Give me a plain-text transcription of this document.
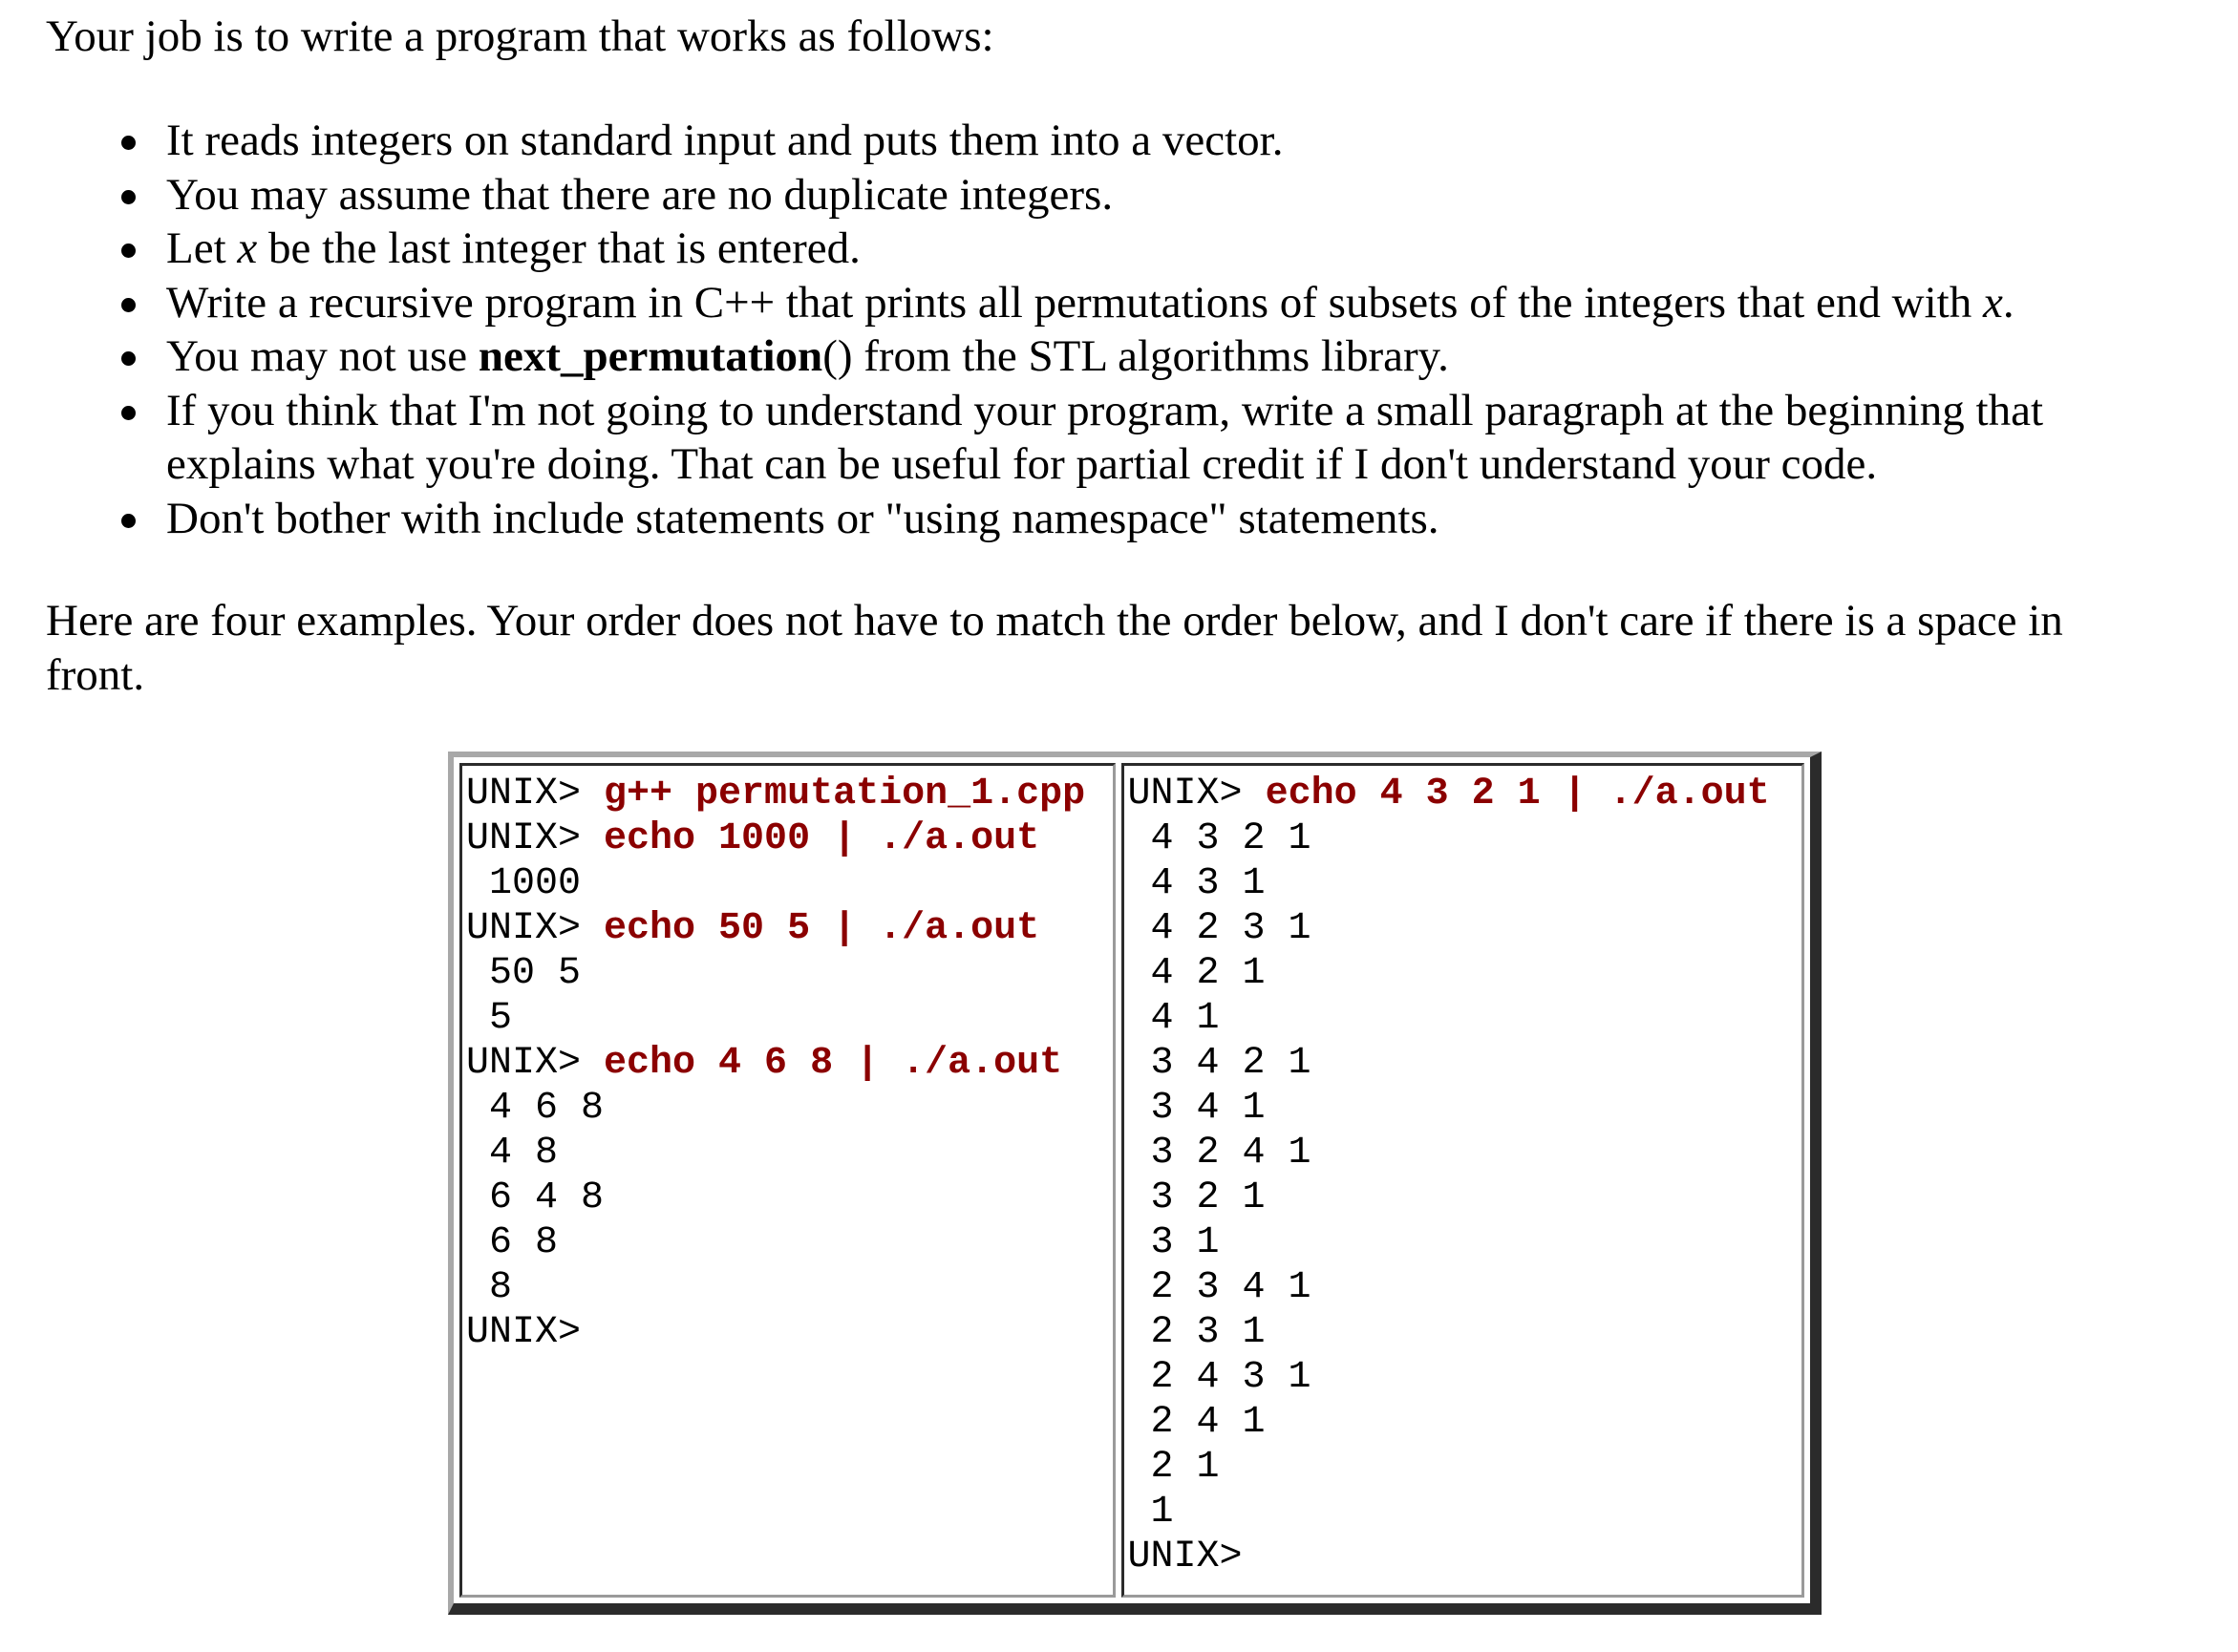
Your job is to write a program that works as follows:

It reads integers on standard input and puts them into a vector.
You may assume that there are no duplicate integers.
Let x be the last integer that is entered.
Write a recursive program in C++ that prints all permutations of subsets of the integers that end with x.
You may not use next_permutation() from the STL algorithms library.
If you think that I'm not going to understand your program, write a small paragraph at the beginning that
explains what you're doing. That can be useful for partial credit if I don't understand your code.
Don't bother with include statements or "using namespace" statements.

Here are four examples. Your order does not have to match the order below, and I don't care if there is a space in
front.

UNIX> g++ permutation_1.cpp
UNIX> echo 1000 | ./a.out
1000
UNIX> echo 50 5 | ./a.out
50 5
5
UNIX> echo 4 6 8 | ./a.out
4 6 8
4 8
6 4 8
6 8
8
UNIX>
UNIX> echo 4 3 2 1 | ./a.out
4 3 2 1
4 3 1
4 2 3 1
4 2 1
4 1
3 4 2 1
3 4 1
3 2 4 1
3 2 1
3 1
2 3 4 1
2 3 1
2 4 3 1
2 4 1
2 1
1
UNIX>
